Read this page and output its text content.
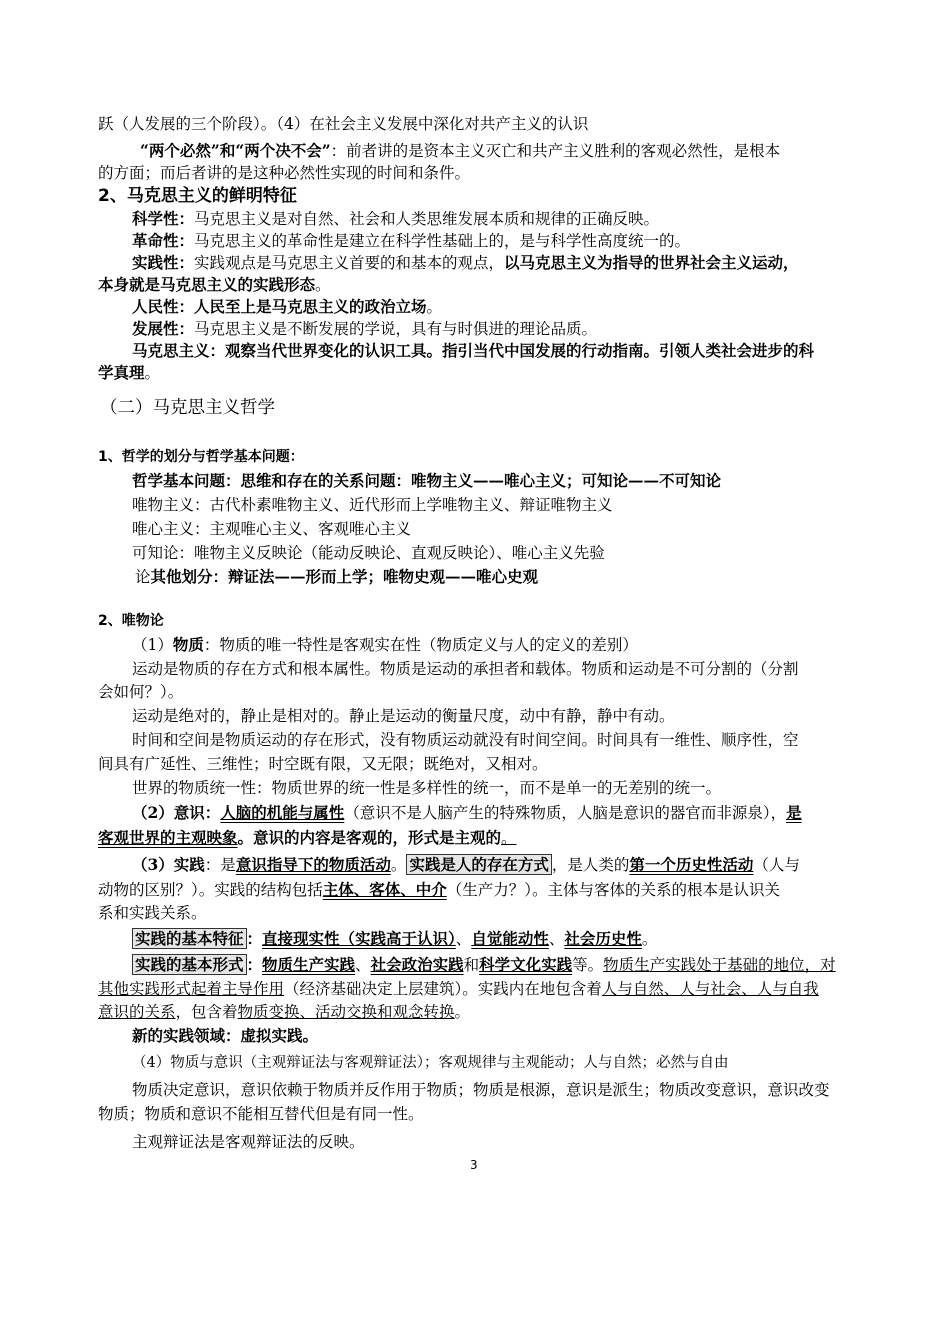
跃（人发展的三个阶段）。（4）在社会主义发展中深化对共产主义的认识
“两个必然”和“两个决不会”：前者讲的是资本主义灭亡和共产主义胜利的客观必然性，是根本
的方面；而后者讲的是这种必然性实现的时间和条件。
2、马克思主义的鲜明特征
科学性：马克思主义是对自然、社会和人类思维发展本质和规律的正确反映。
革命性：马克思主义的革命性是建立在科学性基础上的，是与科学性高度统一的。
实践性：实践观点是马克思主义首要的和基本的观点，以马克思主义为指导的世界社会主义运动，
本身就是马克思主义的实践形态。
人民性：人民至上是马克思主义的政治立场。
发展性：马克思主义是不断发展的学说，具有与时俱进的理论品质。
马克思主义：观察当代世界变化的认识工具。指引当代中国发展的行动指南。引领人类社会进步的科
学真理。
（二）马克思主义哲学
1、哲学的划分与哲学基本问题：
哲学基本问题：思维和存在的关系问题：唯物主义——唯心主义；可知论——不可知论
唯物主义：古代朴素唯物主义、近代形而上学唯物主义、辩证唯物主义
唯心主义：主观唯心主义、客观唯心主义
可知论：唯物主义反映论（能动反映论、直观反映论）、唯心主义先验
论其他划分：辩证法——形而上学；唯物史观——唯心史观
2、唯物论
（1）物质：物质的唯一特性是客观实在性（物质定义与人的定义的差别）
运动是物质的存在方式和根本属性。物质是运动的承担者和载体。物质和运动是不可分割的（分割
会如何？）。
运动是绝对的，静止是相对的。静止是运动的衡量尺度，动中有静，静中有动。
时间和空间是物质运动的存在形式，没有物质运动就没有时间空间。时间具有一维性、顺序性，空
间具有广延性、三维性；时空既有限，又无限；既绝对，又相对。
世界的物质统一性：物质世界的统一性是多样性的统一，而不是单一的无差别的统一。
（2）意识：人脑的机能与属性（意识不是人脑产生的特殊物质，人脑是意识的器官而非源泉），是
客观世界的主观映象。意识的内容是客观的，形式是主观的。
（3）实践：是意识指导下的物质活动。 实践是人的存在方式 ，是人类的第一个历史性活动（人与
动物的区别？）。实践的结构包括主体、客体、中介（生产力？）。主体与客体的关系的根本是认识关
系和实践关系。
实践的基本特征 ：直接现实性（实践高于认识）、自觉能动性、社会历史性。
实践的基本形式 ：物质生产实践、社会政治实践和科学文化实践等。物质生产实践处于基础的地位，对
其他实践形式起着主导作用（经济基础决定上层建筑）。实践内在地包含着人与自然、人与社会、人与自我
意识的关系，包含着物质变换、活动交换和观念转换。
新的实践领域：虚拟实践。
（4）物质与意识（主观辩证法与客观辩证法）；客观规律与主观能动；人与自然；必然与自由
物质决定意识，意识依赖于物质并反作用于物质；物质是根源，意识是派生；物质改变意识，意识改变
物质；物质和意识不能相互替代但是有同一性。
主观辩证法是客观辩证法的反映。
3
